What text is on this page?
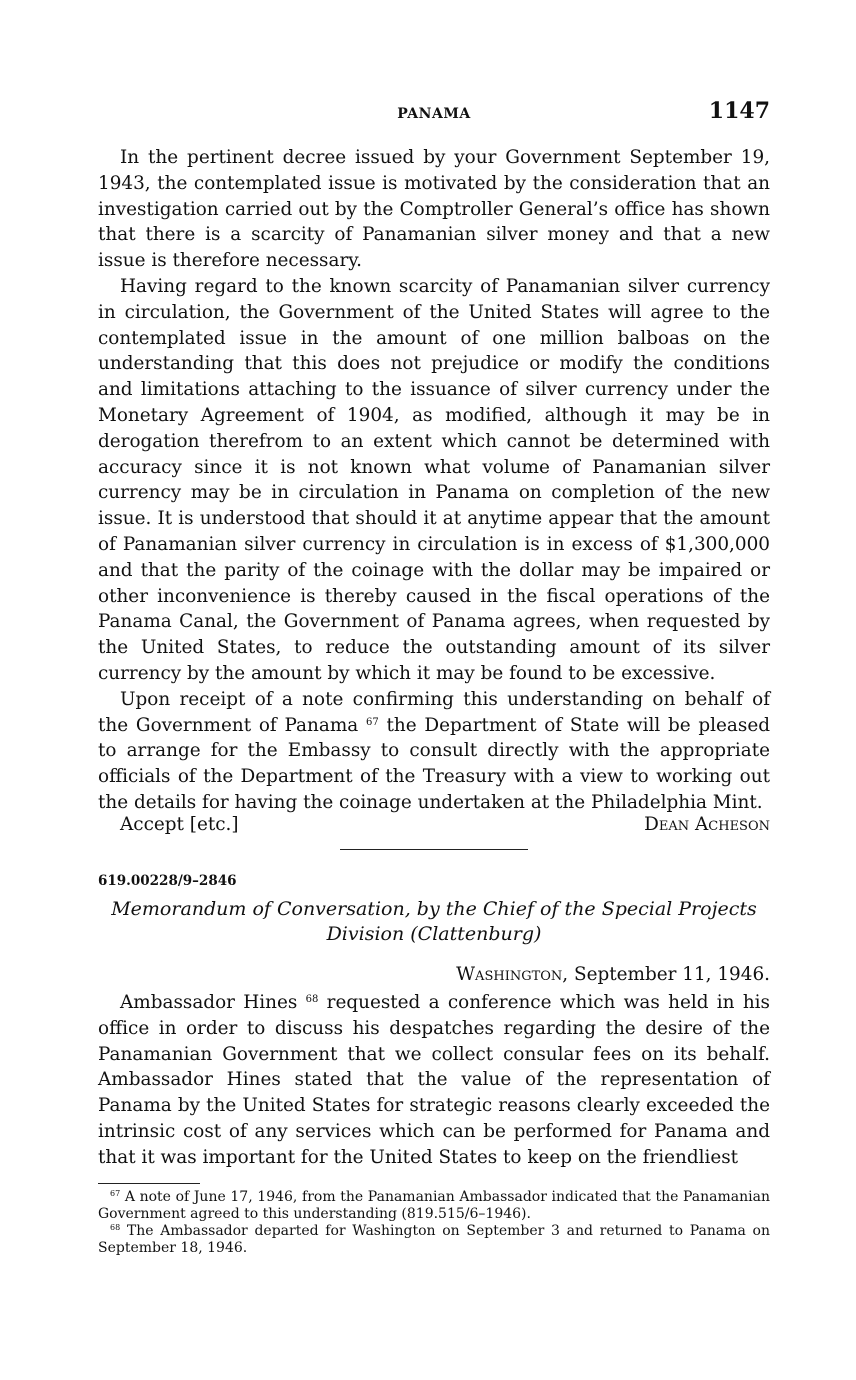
PANAMA	1147

In the pertinent decree issued by your Government September 19, 1943, the contemplated issue is motivated by the consideration that an investigation carried out by the Comptroller General’s office has shown that there is a scarcity of Panamanian silver money and that a new issue is therefore necessary.

Having regard to the known scarcity of Panamanian silver currency in circulation, the Government of the United States will agree to the contemplated issue in the amount of one million balboas on the understanding that this does not prejudice or modify the conditions and limitations attaching to the issuance of silver currency under the Monetary Agreement of 1904, as modified, although it may be in derogation therefrom to an extent which cannot be determined with accuracy since it is not known what volume of Panamanian silver currency may be in circulation in Panama on completion of the new issue. It is understood that should it at anytime appear that the amount of Panamanian silver currency in circulation is in excess of $1,300,000 and that the parity of the coinage with the dollar may be impaired or other inconvenience is thereby caused in the fiscal operations of the Panama Canal, the Government of Panama agrees, when requested by the United States, to reduce the outstanding amount of its silver currency by the amount by which it may be found to be excessive.

Upon receipt of a note confirming this understanding on behalf of the Government of Panama $^{67}$ the Department of State will be pleased to arrange for the Embassy to consult directly with the appropriate officials of the Department of the Treasury with a view to working out the details for having the coinage undertaken at the Philadelphia Mint.

Accept [etc.]	Dean Acheson
619.00228/9–2846
Memorandum of Conversation, by the Chief of the Special Projects
Division (Clattenburg)
Washington, September 11, 1946.

Ambassador Hines $^{68}$ requested a conference which was held in his office in order to discuss his despatches regarding the desire of the Panamanian Government that we collect consular fees on its behalf. Ambassador Hines stated that the value of the representation of Panama by the United States for strategic reasons clearly exceeded the intrinsic cost of any services which can be performed for Panama and that it was important for the United States to keep on the friendliest

$^{67}$ A note of June 17, 1946, from the Panamanian Ambassador indicated that the Panamanian Government agreed to this understanding (819.515/6–1946).

$^{68}$ The Ambassador departed for Washington on September 3 and returned to Panama on September 18, 1946.
